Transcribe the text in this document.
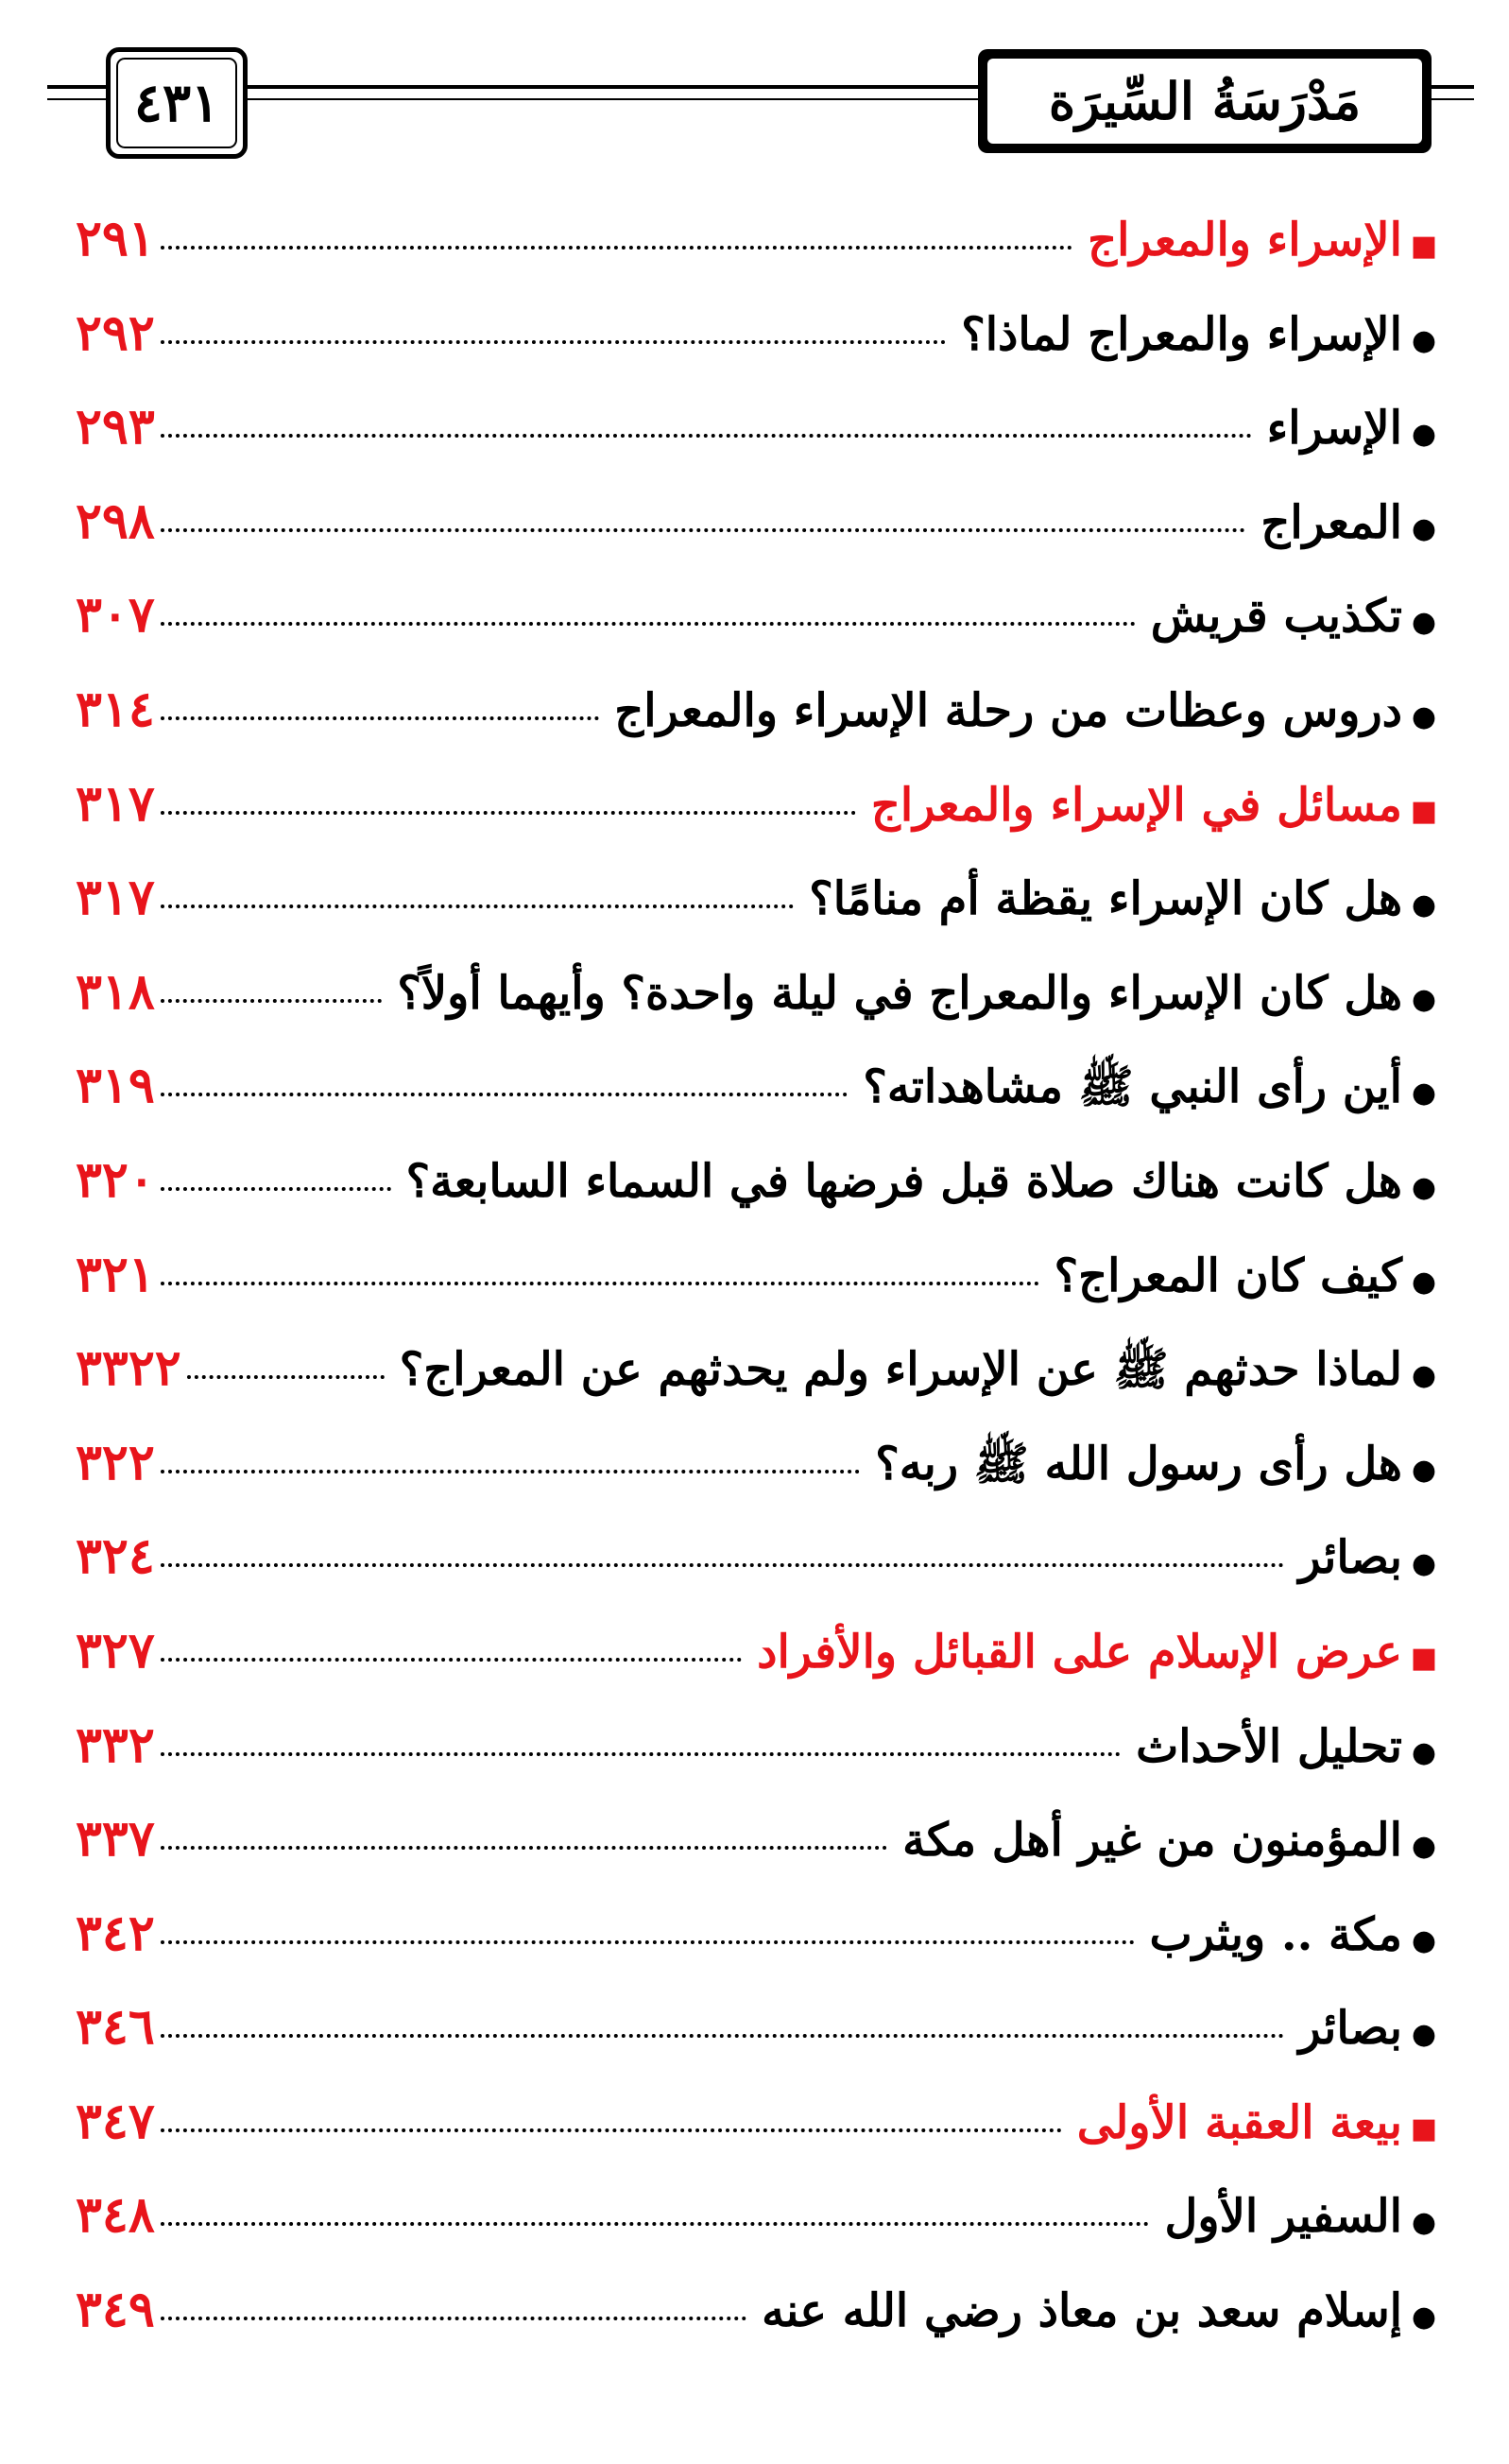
٤٣١	مَدْرَسَةُ السِّيرَة
■
الإسراء والمعراج
٢٩١
●
الإسراء والمعراج لماذا؟
٢٩٢
●
الإسراء
٢٩٣
●
المعراج
٢٩٨
●
تكذيب قريش
٣٠٧
●
دروس وعظات من رحلة الإسراء والمعراج
٣١٤
■
مسائل في الإسراء والمعراج
٣١٧
●
هل كان الإسراء يقظة أم منامًا؟
٣١٧
●
هل كان الإسراء والمعراج في ليلة واحدة؟ وأيهما أولاً؟
٣١٨
●
أين رأى النبي ﷺ مشاهداته؟
٣١٩
●
هل كانت هناك صلاة قبل فرضها في السماء السابعة؟
٣٢٠
●
كيف كان المعراج؟
٣٢١
●
لماذا حدثهم ﷺ عن الإسراء ولم يحدثهم عن المعراج؟
٣٣٢٢
●
هل رأى رسول الله ﷺ ربه؟
٣٢٢
●
بصائر
٣٢٤
■
عرض الإسلام على القبائل والأفراد
٣٢٧
●
تحليل الأحداث
٣٣٢
●
المؤمنون من غير أهل مكة
٣٣٧
●
مكة .. ويثرب
٣٤٢
●
بصائر
٣٤٦
■
بيعة العقبة الأولى
٣٤٧
●
السفير الأول
٣٤٨
●
إسلام سعد بن معاذ رضي الله عنه
٣٤٩
